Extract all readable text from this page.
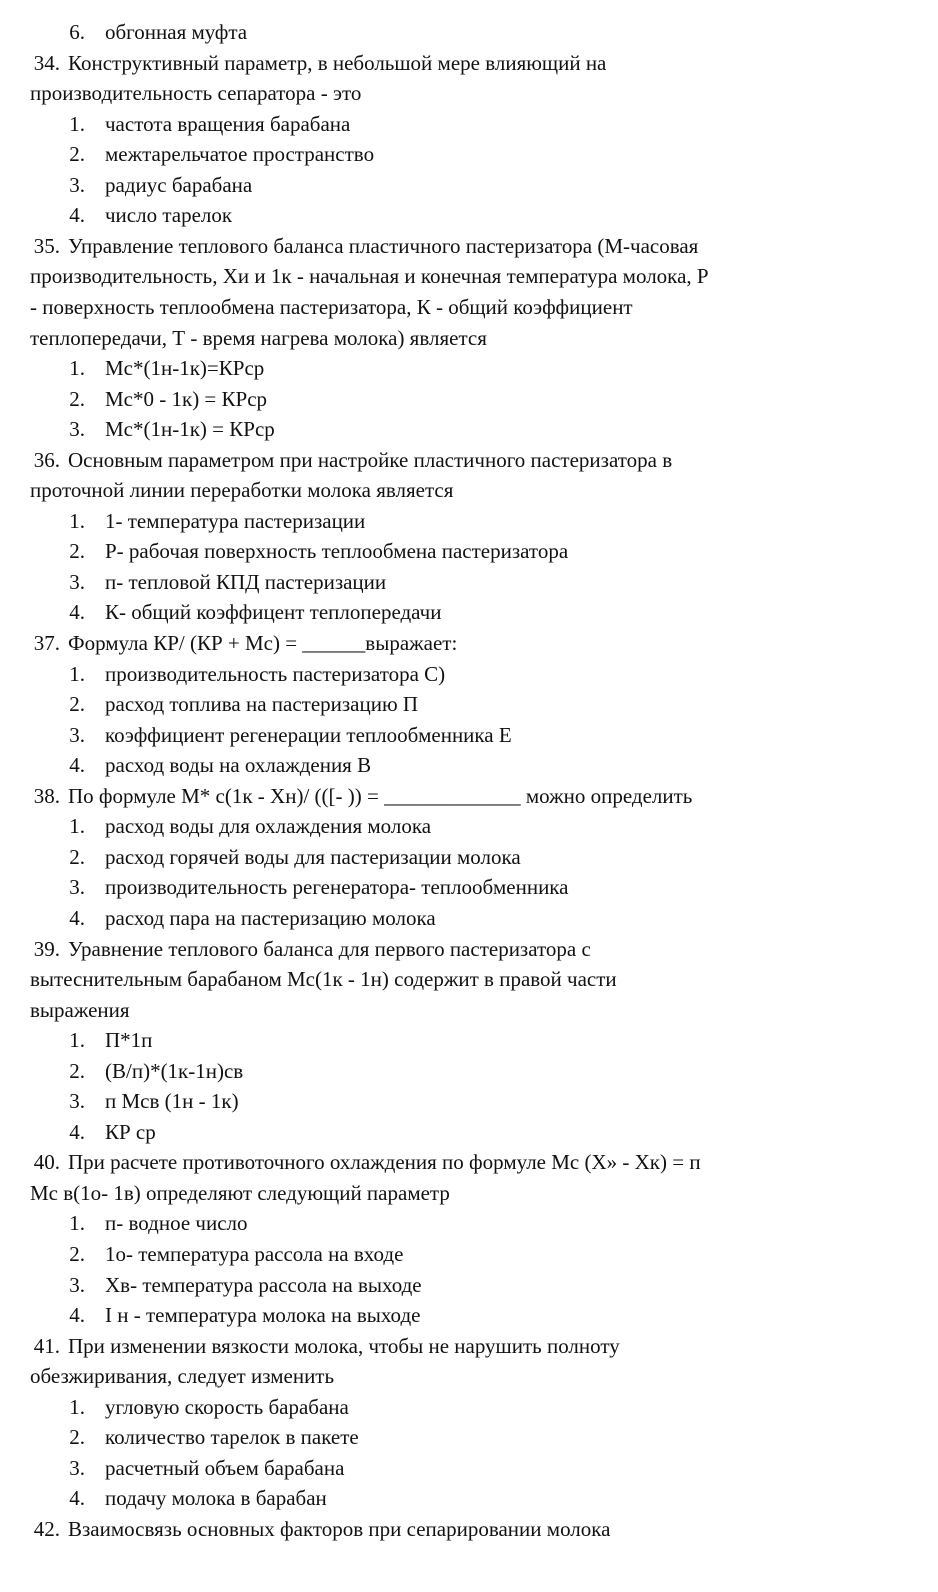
6. обгонная муфта
34. Конструктивный параметр, в небольшой мере влияющий на
производительность сепаратора - это
1. частота вращения барабана
2. межтарельчатое пространство
3. радиус барабана
4. число тарелок
35. Управление теплового баланса пластичного пастеризатора (М-часовая
производительность, Хи и 1к - начальная и конечная температура молока, Р
- поверхность теплообмена пастеризатора, К - общий коэффициент
теплопередачи, Т - время нагрева молока) является
1. Мс*(1н-1к)=КРср
2. Мс*0 - 1к) = КРср
3. Мс*(1н-1к) = КРср
36. Основным параметром при настройке пластичного пастеризатора в
проточной линии переработки молока является
1. 1- температура пастеризации
2. Р- рабочая поверхность теплообмена пастеризатора
3. п- тепловой КПД пастеризации
4. К- общий коэффицент теплопередачи
37. Формула КР/ (КР + Мс) = ______выражает:
1. производительность пастеризатора С)
2. расход топлива на пастеризацию П
3. коэффициент регенерации теплообменника Е
4. расход воды на охлаждения В
38. По формуле М* с(1к - Хн)/ (([- )) = _____________ можно определить
1. расход воды для охлаждения молока
2. расход горячей воды для пастеризации молока
3. производительность регенератора- теплообменника
4. расход пара на пастеризацию молока
39. Уравнение теплового баланса для первого пастеризатора с
вытеснительным барабаном Мс(1к - 1н) содержит в правой части
выражения
1. П*1п
2. (В/п)*(1к-1н)св
3. п Мсв (1н - 1к)
4. КР ср
40. При расчете противоточного охлаждения по формуле Мс (Х» - Хк) = п
Мс в(1о- 1в) определяют следующий параметр
1. п- водное число
2. 1о- температура рассола на входе
3. Хв- температура рассола на выходе
4. I н - температура молока на выходе
41. При изменении вязкости молока, чтобы не нарушить полноту
обезжиривания, следует изменить
1. угловую скорость барабана
2. количество тарелок в пакете
3. расчетный объем барабана
4. подачу молока в барабан
42. Взаимосвязь основных факторов при сепарировании молока
